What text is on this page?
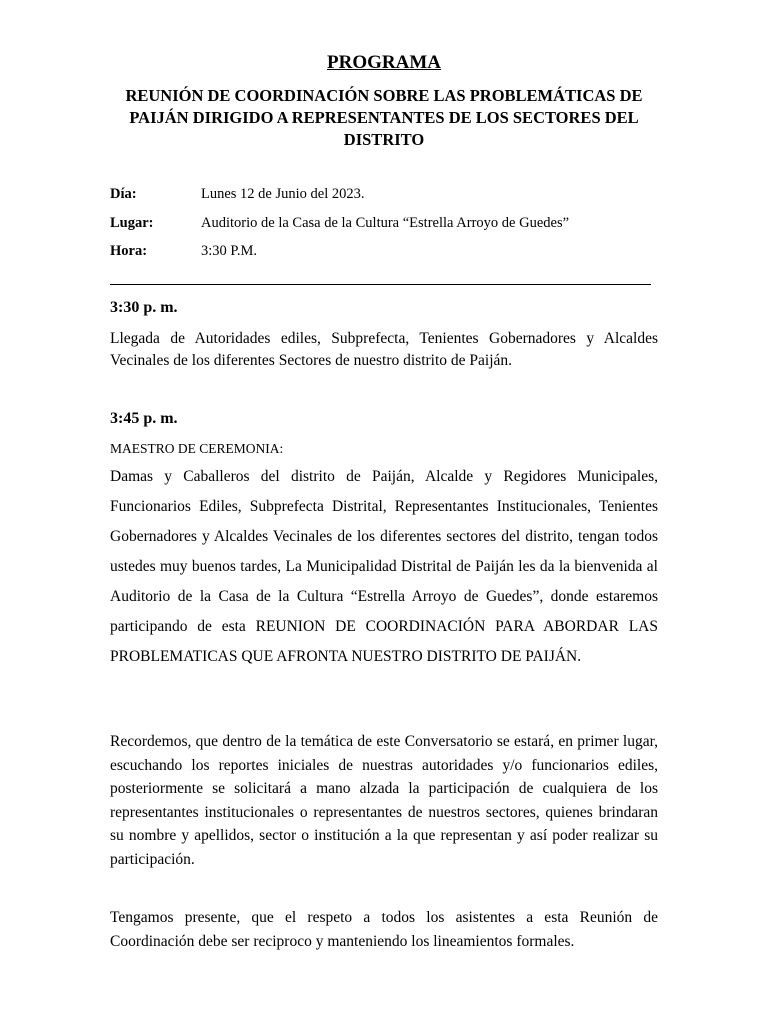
PROGRAMA
REUNIÓN DE COORDINACIÓN SOBRE LAS PROBLEMÁTICAS DE PAIJÁN DIRIGIDO A REPRESENTANTES DE LOS SECTORES DEL DISTRITO
Día:	Lunes 12 de Junio del 2023.
Lugar:	Auditorio de la Casa de la Cultura “Estrella Arroyo de Guedes”
Hora:	3:30 P.M.
3:30 p. m.
Llegada de Autoridades ediles, Subprefecta, Tenientes Gobernadores y Alcaldes Vecinales de los diferentes Sectores de nuestro distrito de Paiján.
3:45 p. m.
MAESTRO DE CEREMONIA:
Damas y Caballeros del distrito de Paiján, Alcalde y Regidores Municipales, Funcionarios Ediles, Subprefecta Distrital, Representantes Institucionales, Tenientes Gobernadores y Alcaldes Vecinales de los diferentes sectores del distrito, tengan todos ustedes muy buenos tardes, La Municipalidad Distrital de Paiján les da la bienvenida al Auditorio de la Casa de la Cultura “Estrella Arroyo de Guedes”, donde estaremos participando de esta REUNION DE COORDINACIÓN PARA ABORDAR LAS PROBLEMATICAS QUE AFRONTA NUESTRO DISTRITO DE PAIJÁN.
Recordemos, que dentro de la temática de este Conversatorio se estará, en primer lugar, escuchando los reportes iniciales de nuestras autoridades y/o funcionarios ediles, posteriormente se solicitará a mano alzada la participación de cualquiera de los representantes institucionales o representantes de nuestros sectores, quienes brindaran su nombre y apellidos, sector o institución a la que representan y así poder realizar su participación.
Tengamos presente, que el respeto a todos los asistentes a esta Reunión de Coordinación debe ser reciproco y manteniendo los lineamientos formales.
